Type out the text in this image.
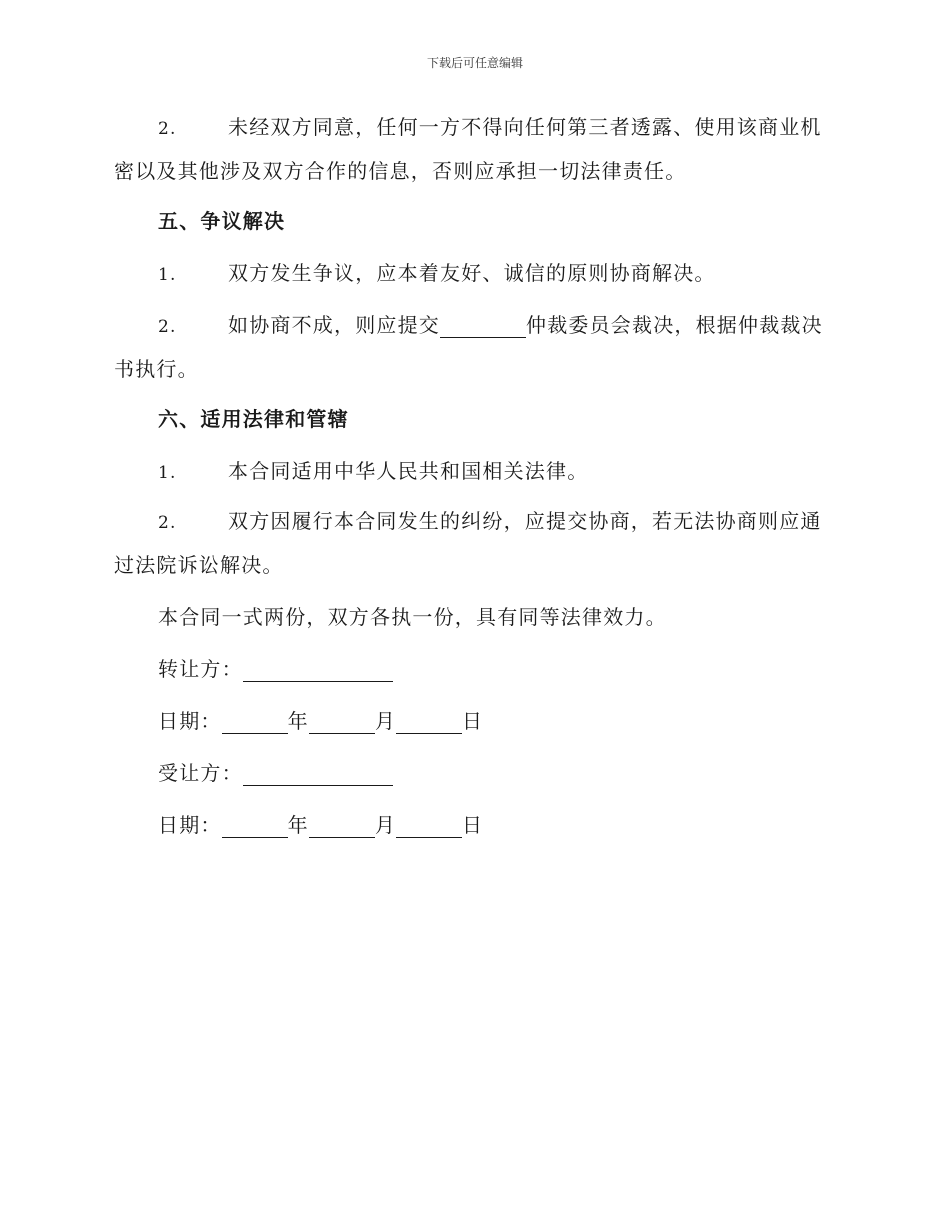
下载后可任意编辑
2.	未经双方同意，任何一方不得向任何第三者透露、使用该商业机密以及其他涉及双方合作的信息，否则应承担一切法律责任。
五、争议解决
1.	双方发生争议，应本着友好、诚信的原则协商解决。
2.	如协商不成，则应提交	仲裁委员会裁决，根据仲裁裁决书执行。
六、适用法律和管辖
1.	本合同适用中华人民共和国相关法律。
2.	双方因履行本合同发生的纠纷，应提交协商，若无法协商则应通过法院诉讼解决。
本合同一式两份，双方各执一份，具有同等法律效力。
转让方：
日期：	年	月	日
受让方：
日期：	年	月	日
